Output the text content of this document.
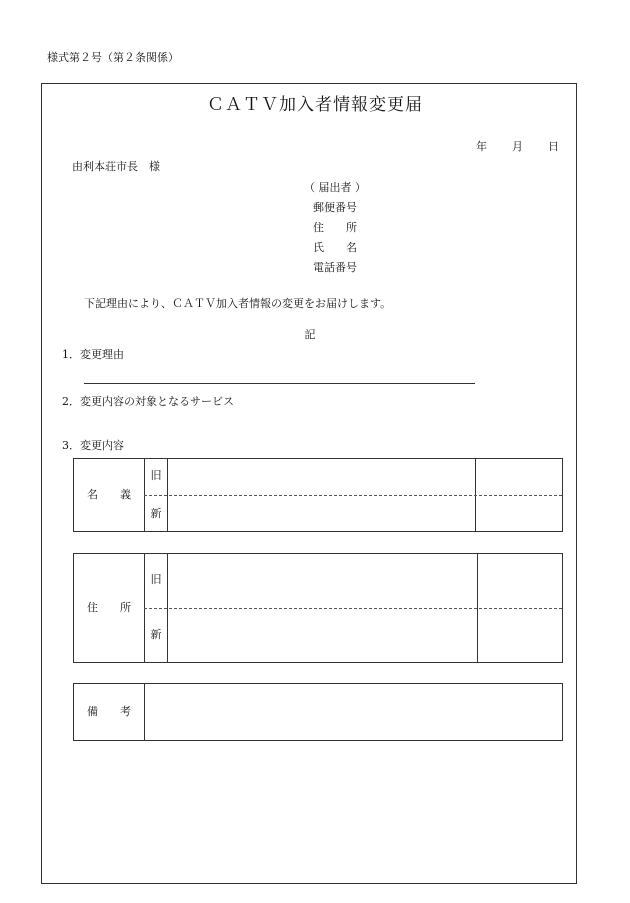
様式第２号（第２条関係）
ＣＡＴＶ加入者情報変更届
年 月 日
由利本荘市長　様
（ 届出者 ）
郵便番号
住　　所
氏　　名
電話番号
下記理由により、ＣＡＴＶ加入者情報の変更をお届けします。
記
1．変更理由
2．変更内容の対象となるサービス
3．変更内容
名　　義
旧
新
住　　所
旧
新
備　　考
